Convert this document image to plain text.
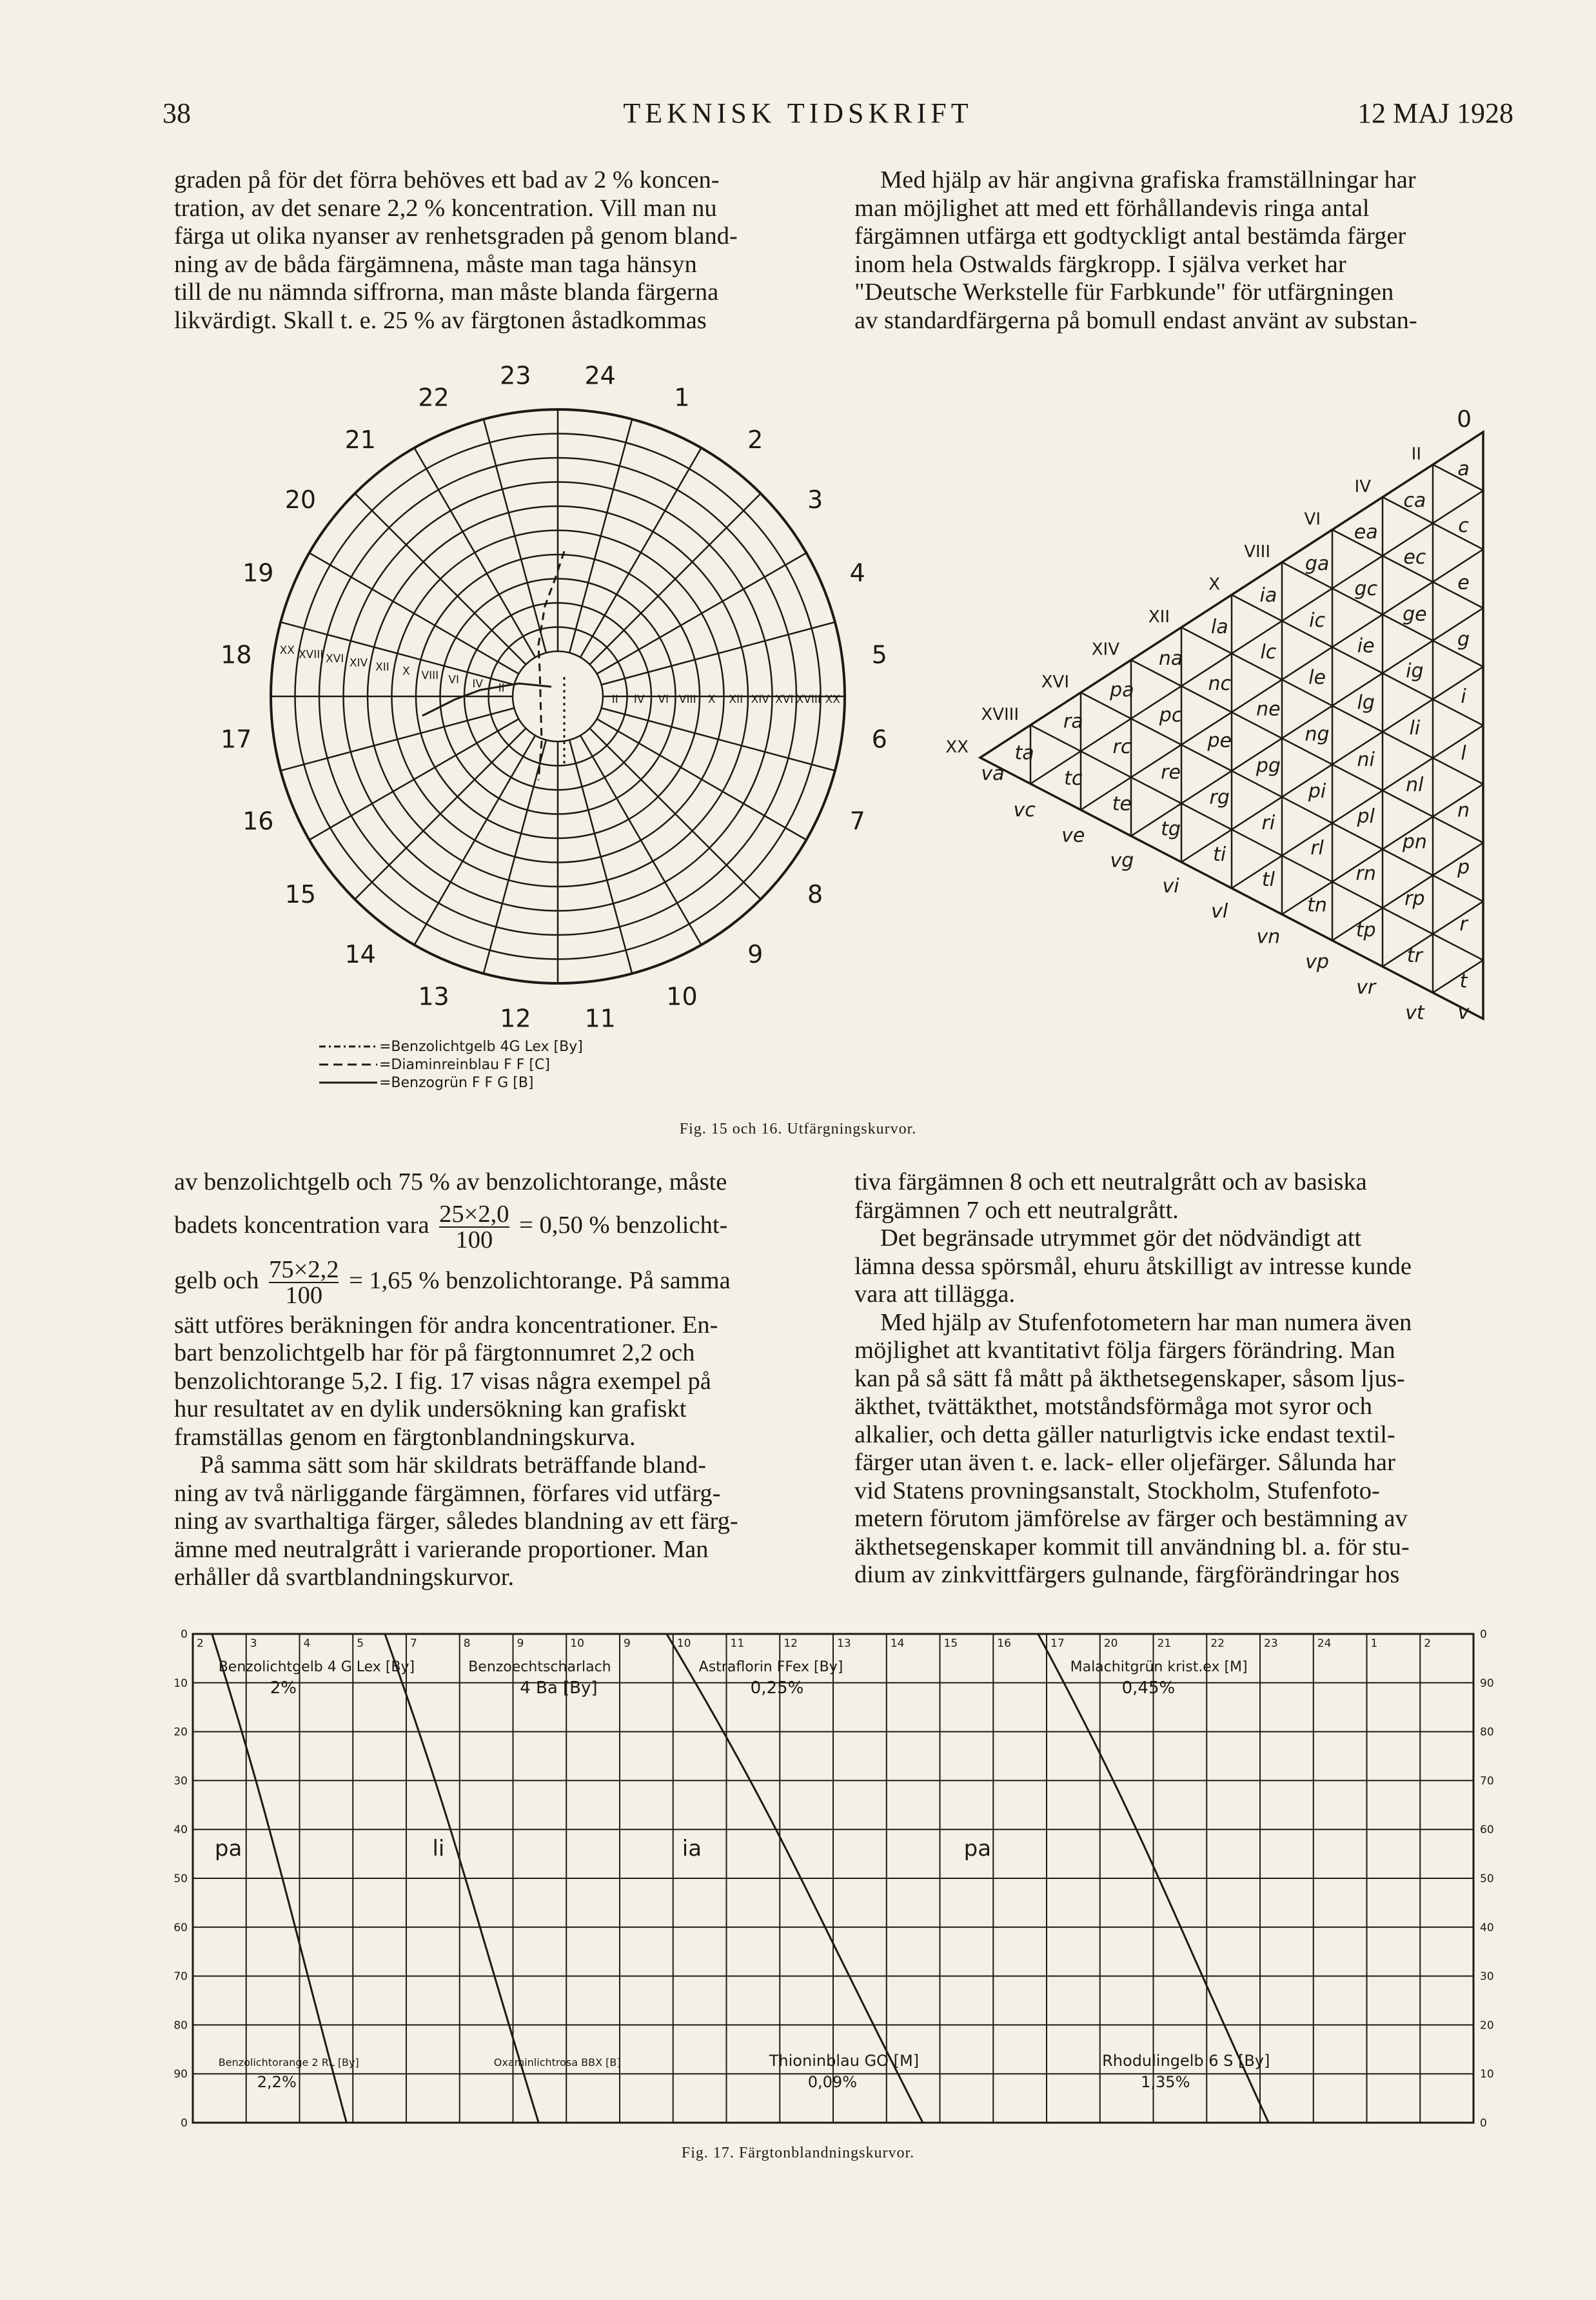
38	TEKNISK TIDSKRIFT	12 MAJ 1928

graden på för det förra behöves ett bad av 2 % koncen-

tration, av det senare 2,2 % koncentration. Vill man nu

färga ut olika nyanser av renhetsgraden på genom bland-

ning av de båda färgämnena, måste man taga hänsyn

till de nu nämnda siffrorna, man måste blanda färgerna

likvärdigt. Skall t. e. 25 % av färgtonen åstadkommas

Med hjälp av här angivna grafiska framställningar har

man möjlighet att med ett förhållandevis ringa antal

färgämnen utfärga ett godtyckligt antal bestämda färger

inom hela Ostwalds färgkropp. I själva verket har

"Deutsche Werkstelle für Farbkunde" för utfärgningen

av standardfärgerna på bomull endast använt av substan-

1
2
3
4
5
6
7
8
9
10
11
12
13
14
15
16
17
18
19
20
21
22
23 24
II IV VI VIII X XII XIV XVI XVIII XX
XX XVIII XVI XIV XII X VIII VI IV II
=Benzolichtgelb 4G Lex [By]
=Diaminreinblau F F [C]
=Benzogrün F F G [B]
a
ca
c
ea
ec
e
ga
gc
ge
g
ia
ic
ie
ig
i
la
lc
le
lg
li
l
na
nc
ne
ng
ni
nl
n
pa
pc
pe
pg
pi
pl
pn
p
ra
rc
re
rg
ri
rl
rn
rp
r
ta
tc
te
tg
ti
tl
tn
tp
tr
t
va
vc
ve
vg
vi
vl
vn
vp
vr
vt v
0
II
IV
VI
VIII
X
XII
XIV
XVI
XVIII
XX
Fig. 15 och 16. Utfärgningskurvor.

av benzolichtgelb och 75 % av benzolichtorange, måste

badets koncentration vara $\frac{25\times 2,0}{100} = 0,50$ % benzolicht-

gelb och $\frac{75\times 2,2}{100} = 1,65$ % benzolichtorange. På samma

sätt utföres beräkningen för andra koncentrationer. En-

bart benzolichtgelb har för på färgtonnumret 2,2 och

benzolichtorange 5,2. I fig. 17 visas några exempel på

hur resultatet av en dylik undersökning kan grafiskt

framställas genom en färgtonblandningskurva.

På samma sätt som här skildrats beträffande bland-

ning av två närliggande färgämnen, förfares vid utfärg-

ning av svarthaltiga färger, således blandning av ett färg-

ämne med neutralgrått i varierande proportioner. Man

erhåller då svartblandningskurvor.

tiva färgämnen 8 och ett neutralgrått och av basiska

färgämnen 7 och ett neutralgrått.

Det begränsade utrymmet gör det nödvändigt att

lämna dessa spörsmål, ehuru åtskilligt av intresse kunde

vara att tillägga.

Med hjälp av Stufenfotometern har man numera även

möjlighet att kvantitativt följa färgers förändring. Man

kan på så sätt få mått på äkthetsegenskaper, såsom ljus-

äkthet, tvättäkthet, motståndsförmåga mot syror och

alkalier, och detta gäller naturligtvis icke endast textil-

färger utan även t. e. lack- eller oljefärger. Sålunda har

vid Statens provningsanstalt, Stockholm, Stufenfoto-

metern förutom jämförelse av färger och bestämning av

äkthetsegenskaper kommit till användning bl. a. för stu-

dium av zinkvittfärgers gulnande, färgförändringar hos

0
10
20
30
40
50
60
70
80
90
0
0
90
80
70
60
50
40
30
20
10
0
2	3	4	5	7	8	9	10	9	10	11	12	13	14	15	16	17	20	21	22	23	24	1	2
Benzolichtgelb 4 G Lex [By]
2%
Benzoechtscharlach
4 Ba [By]
Astraflorin FFex [By]
0,25%
Malachitgrün krist.ex [M]
0,45%
pa	li	ia	pa
Benzolichtorange 2 RL [By]
2,2%
Oxaminlichtrosa BBX [B]	Thioninblau GO [M]
0,09%
Rhodulingelb 6 S [By]
1,35%
Fig. 17. Färgtonblandningskurvor.
